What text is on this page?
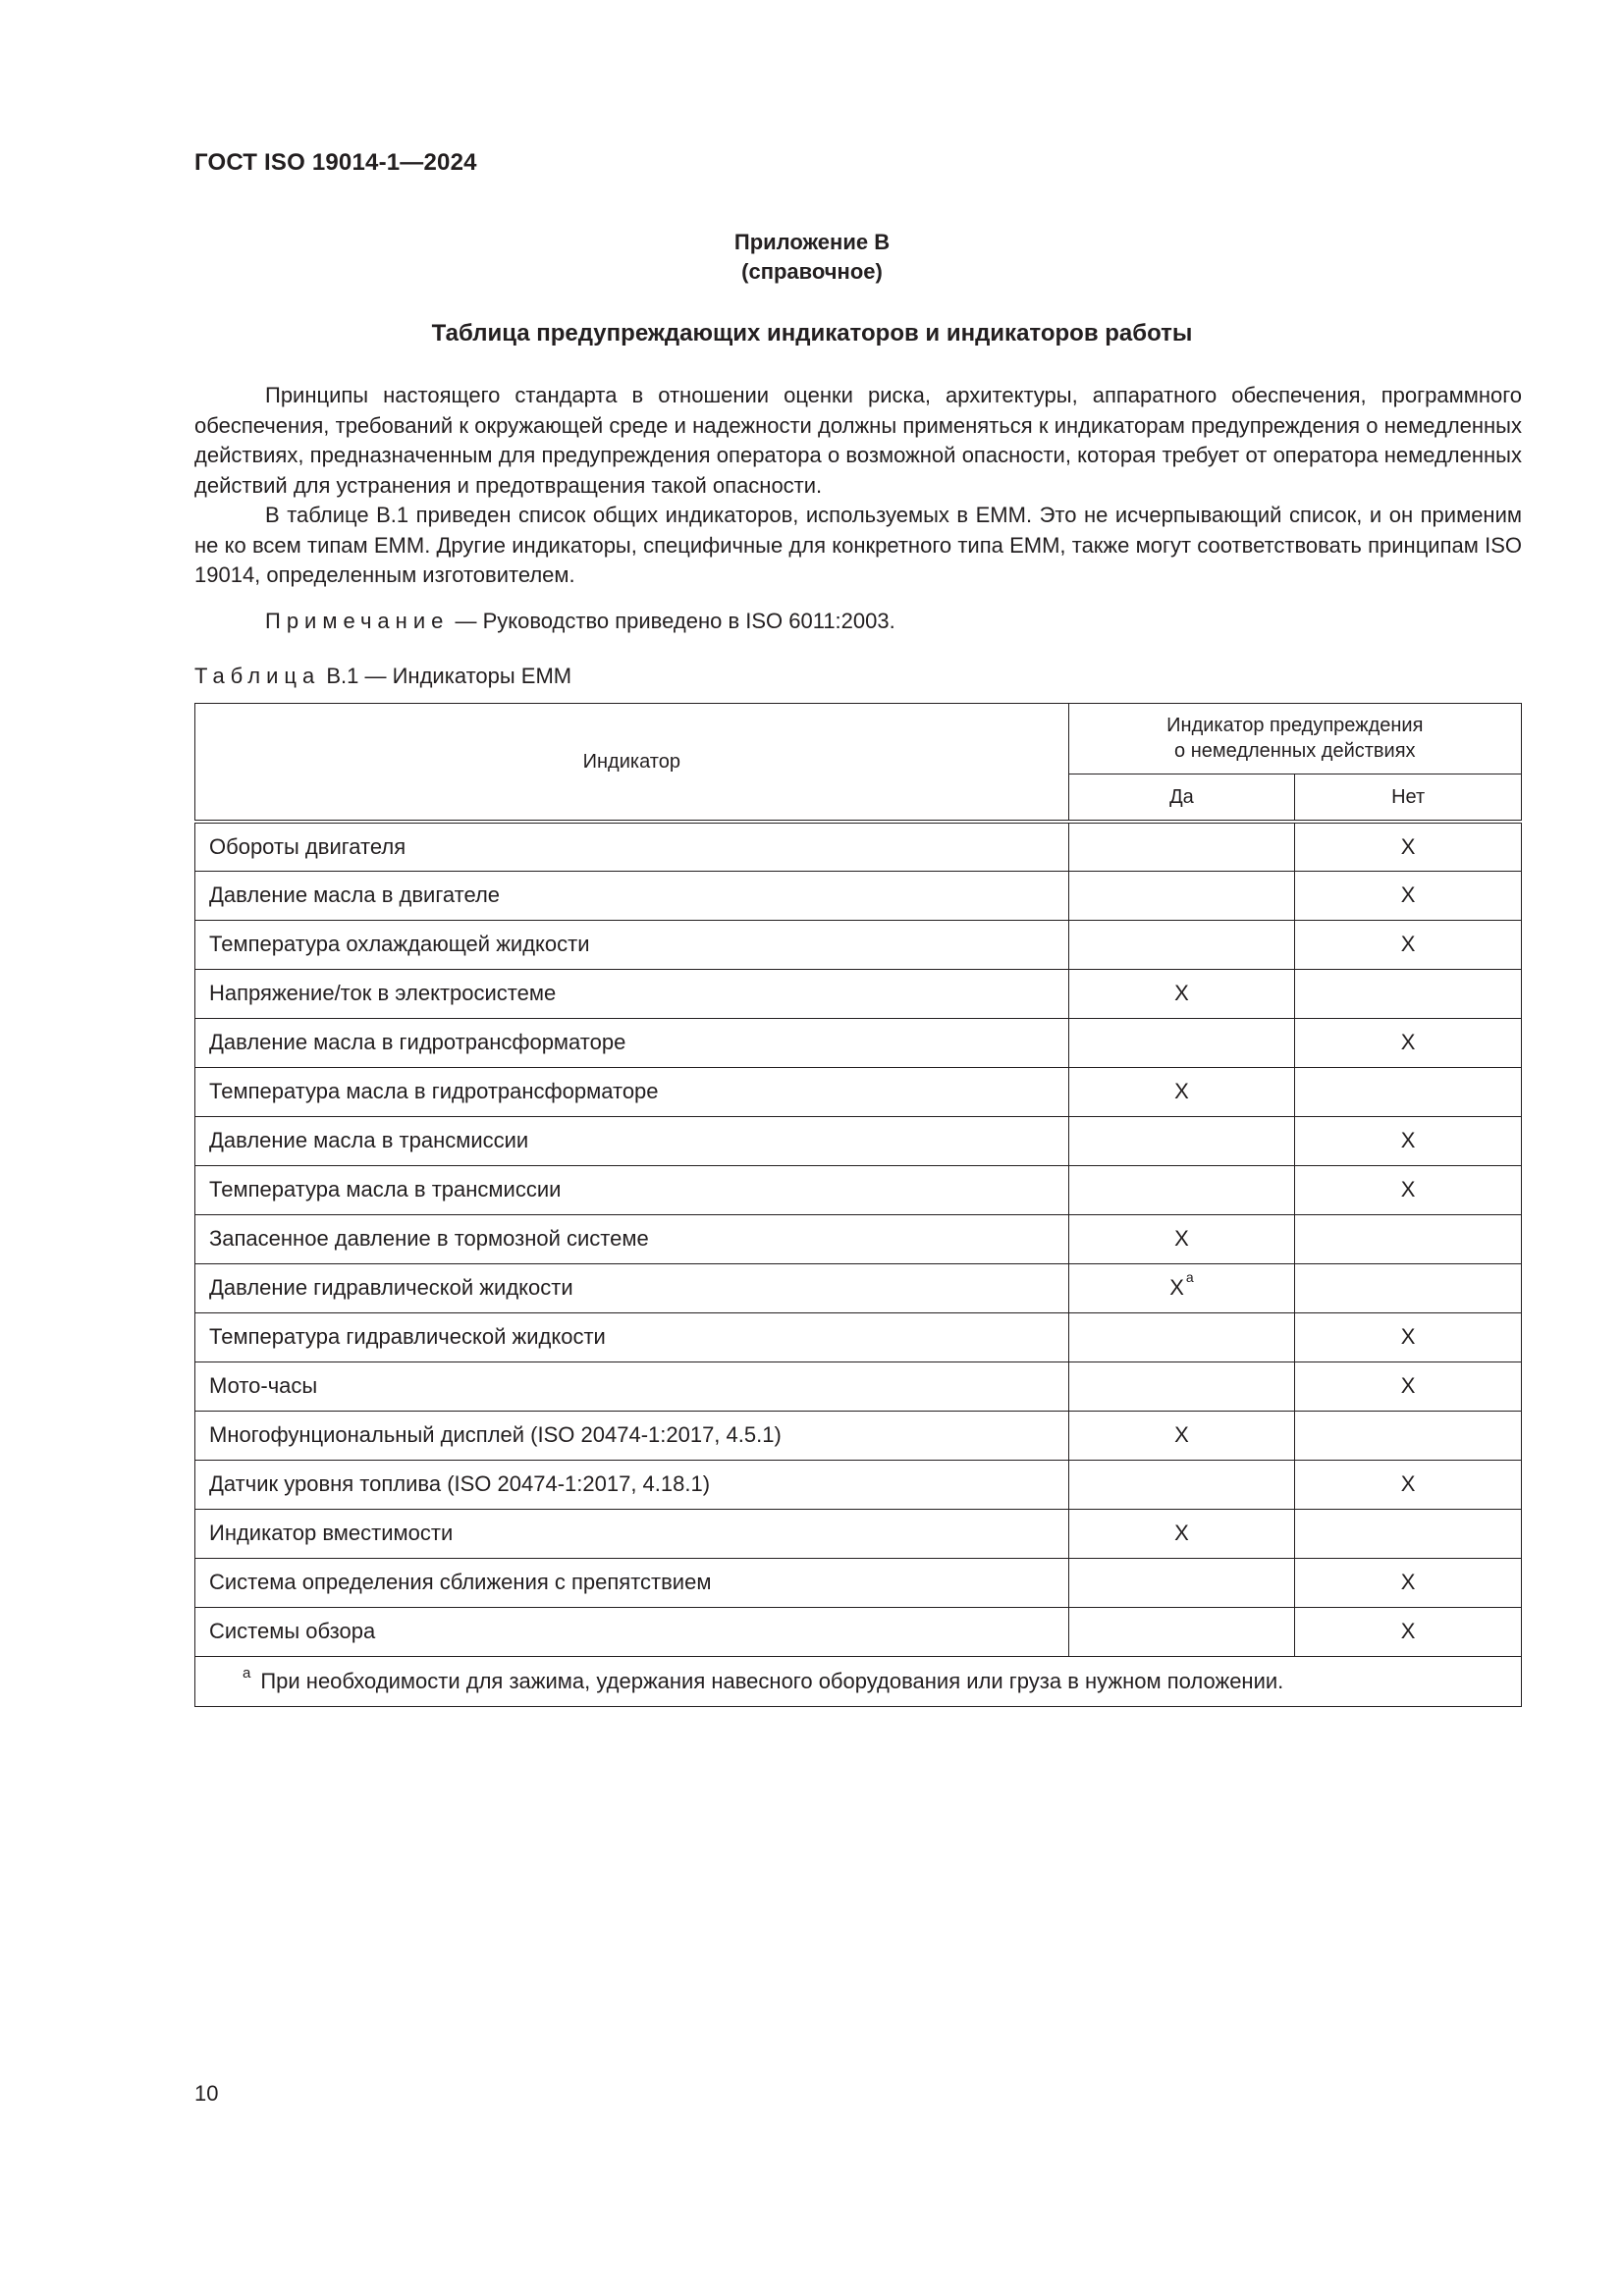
ГОСТ ISO 19014-1—2024
Приложение В
(справочное)
Таблица предупреждающих индикаторов и индикаторов работы

Принципы настоящего стандарта в отношении оценки риска, архитектуры, аппаратного обеспечения, программного обеспечения, требований к окружающей среде и надежности должны применяться к индикаторам предупреждения о немедленных действиях, предназначенным для предупреждения оператора о возможной опасности, которая требует от оператора немедленных действий для устранения и предотвращения такой опасности.

В таблице В.1 приведен список общих индикаторов, используемых в ЕММ. Это не исчерпывающий список, и он применим не ко всем типам ЕММ. Другие индикаторы, специфичные для конкретного типа ЕММ, также могут соответствовать принципам ISO 19014, определенным изготовителем.

Примечание — Руководство приведено в ISO 6011:2003.
Таблица В.1 — Индикаторы ЕММ
Индикатор	Индикатор предупреждения
о немедленных действиях	
	Да	Нет
Обороты двигателя		X
Давление масла в двигателе		X
Температура охлаждающей жидкости		X
Напряжение/ток в электросистеме	X	
Давление масла в гидротрансформаторе		X
Температура масла в гидротрансформаторе	X	
Давление масла в трансмиссии		X
Температура масла в трансмиссии		X
Запасенное давление в тормозной системе	X	
Давление гидравлической жидкости	X $^a$	
Температура гидравлической жидкости		X
Мото-часы		X
Многофунциональный дисплей (ISO 20474-1:2017, 4.5.1)	X	
Датчик уровня топлива (ISO 20474-1:2017, 4.18.1)		X
Индикатор вместимости	X	
Система определения сближения с препятствием		X
Системы обзора		X
$^a$ При необходимости для зажима, удержания навесного оборудования или груза в нужном положении.		
10
